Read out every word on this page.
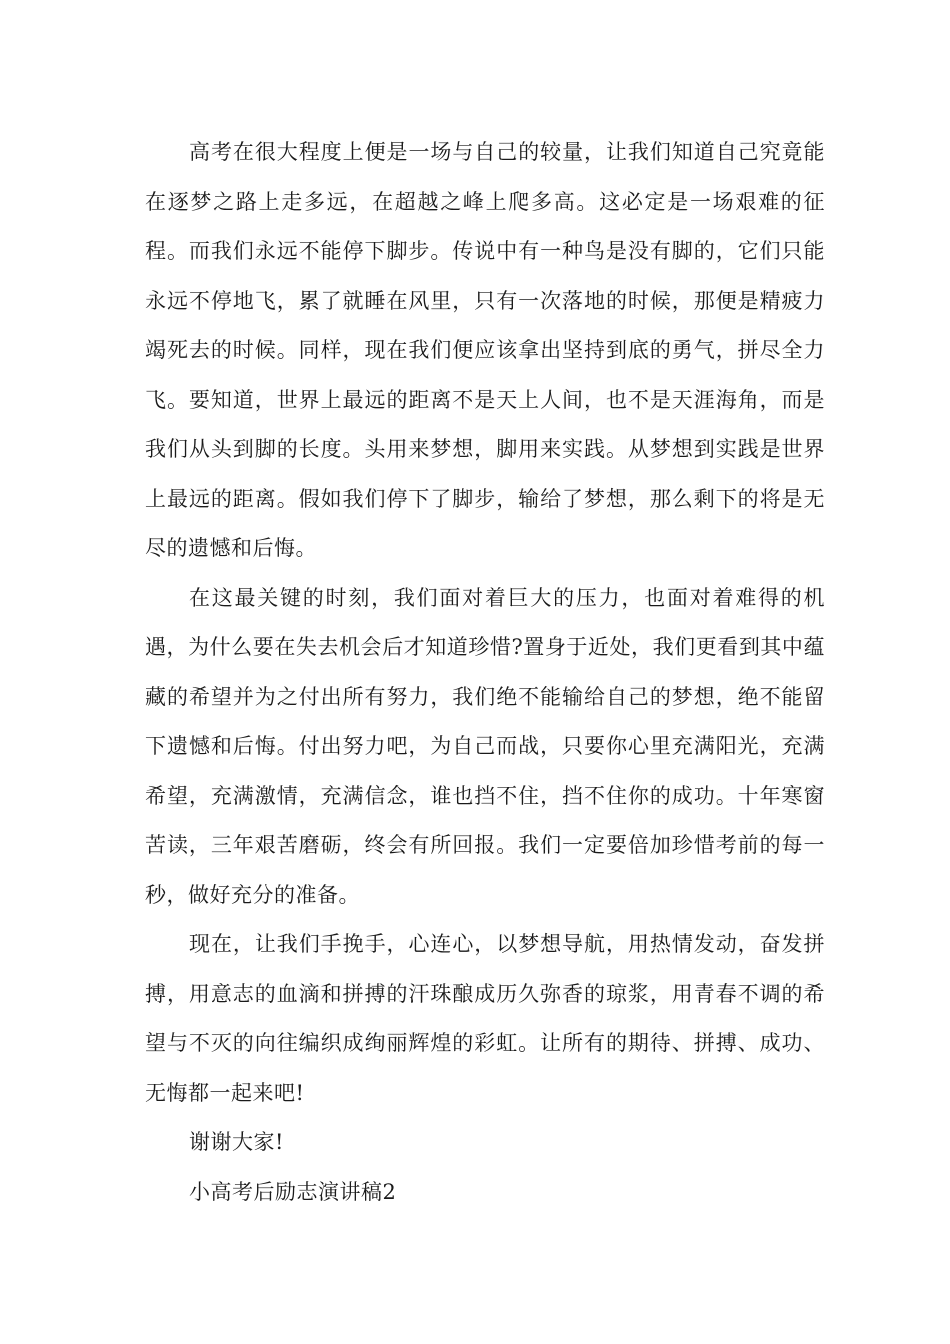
高考在很大程度上便是一场与自己的较量，让我们知道自己究竟能在逐梦之路上走多远，在超越之峰上爬多高。这必定是一场艰难的征程。而我们永远不能停下脚步。传说中有一种鸟是没有脚的，它们只能永远不停地飞，累了就睡在风里，只有一次落地的时候，那便是精疲力竭死去的时候。同样，现在我们便应该拿出坚持到底的勇气，拼尽全力飞。要知道，世界上最远的距离不是天上人间，也不是天涯海角，而是我们从头到脚的长度。头用来梦想，脚用来实践。从梦想到实践是世界上最远的距离。假如我们停下了脚步，输给了梦想，那么剩下的将是无尽的遗憾和后悔。

在这最关键的时刻，我们面对着巨大的压力，也面对着难得的机遇，为什么要在失去机会后才知道珍惜?置身于近处，我们更看到其中蕴藏的希望并为之付出所有努力，我们绝不能输给自己的梦想，绝不能留下遗憾和后悔。付出努力吧，为自己而战，只要你心里充满阳光，充满希望，充满激情，充满信念，谁也挡不住，挡不住你的成功。十年寒窗苦读，三年艰苦磨砺，终会有所回报。我们一定要倍加珍惜考前的每一秒，做好充分的准备。

现在，让我们手挽手，心连心，以梦想导航，用热情发动，奋发拼搏，用意志的血滴和拼搏的汗珠酿成历久弥香的琼浆，用青春不调的希望与不灭的向往编织成绚丽辉煌的彩虹。让所有的期待、拼搏、成功、无悔都一起来吧!

谢谢大家!

小高考后励志演讲稿2
